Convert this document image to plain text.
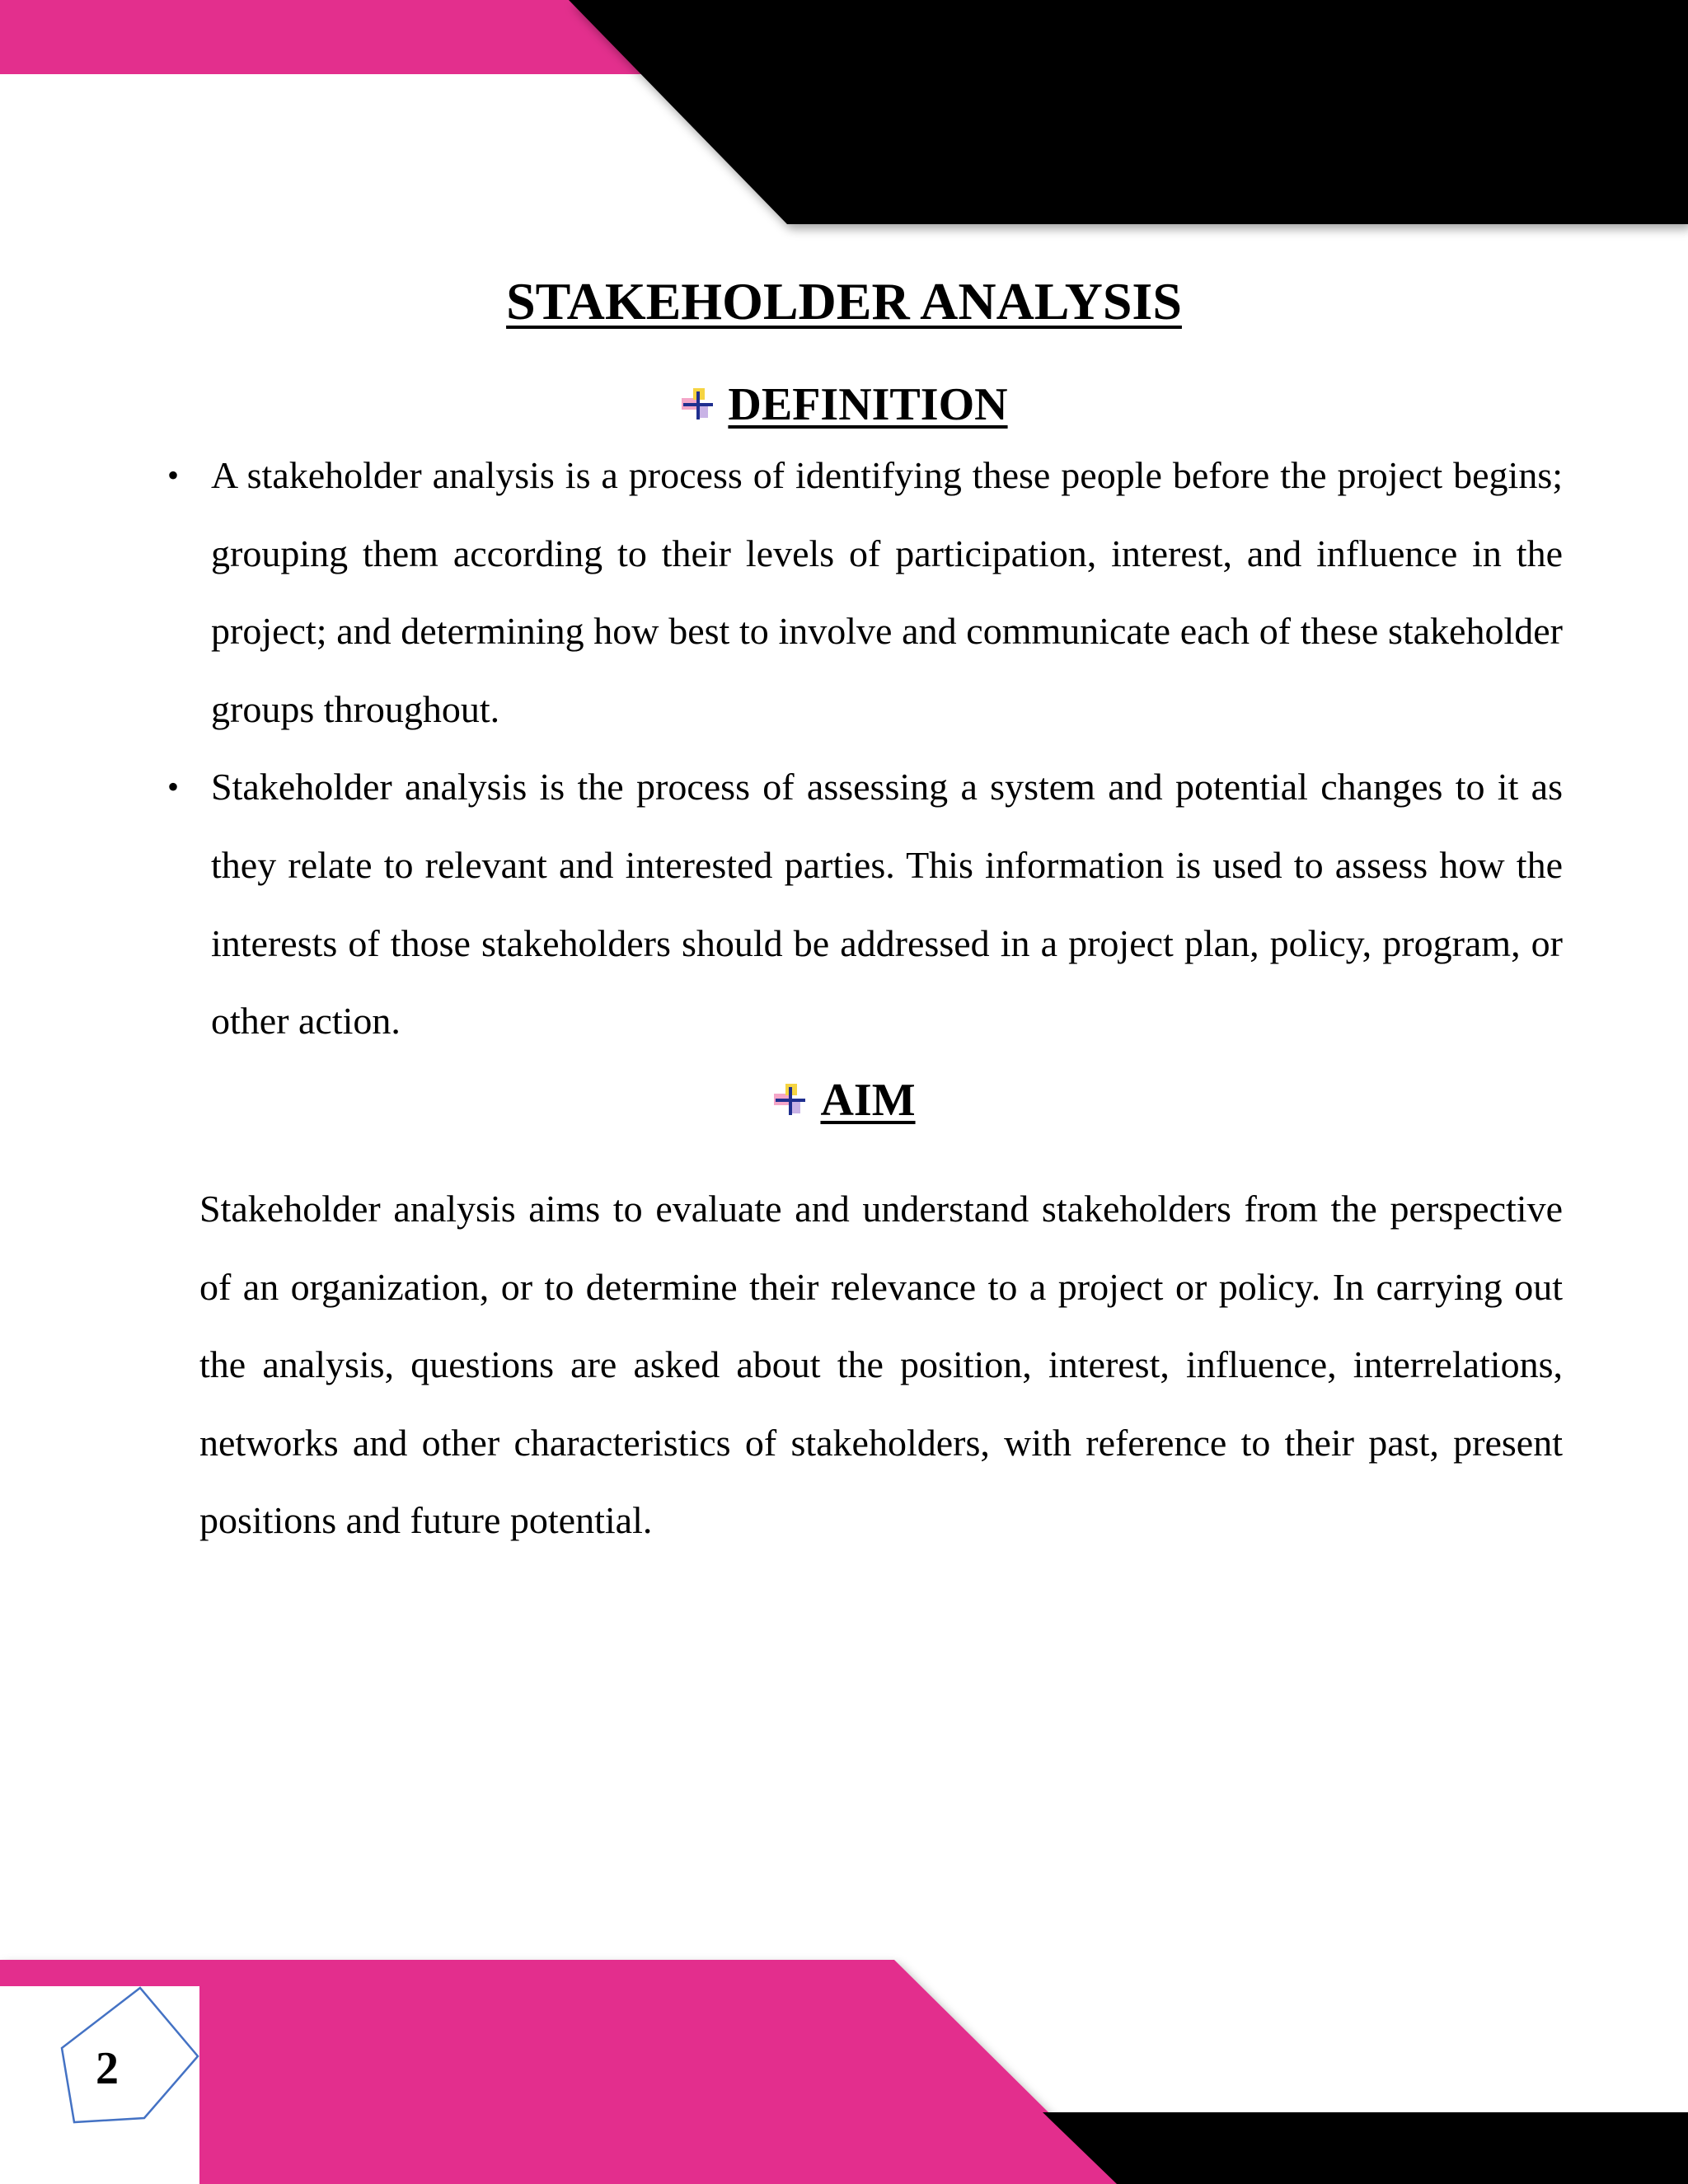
STAKEHOLDER ANALYSIS
DEFINITION
• A stakeholder analysis is a process of identifying these people before the project begins; grouping them according to their levels of participation, interest, and influence in the project; and determining how best to involve and communicate each of these stakeholder groups throughout.
• Stakeholder analysis is the process of assessing a system and potential changes to it as they relate to relevant and interested parties. This information is used to assess how the interests of those stakeholders should be addressed in a project plan, policy, program, or other action.
AIM

Stakeholder analysis aims to evaluate and understand stakeholders from the perspective of an organization, or to determine their relevance to a project or policy. In carrying out the analysis, questions are asked about the position, interest, influence, interrelations, networks and other characteristics of stakeholders, with reference to their past, present positions and future potential.

2
